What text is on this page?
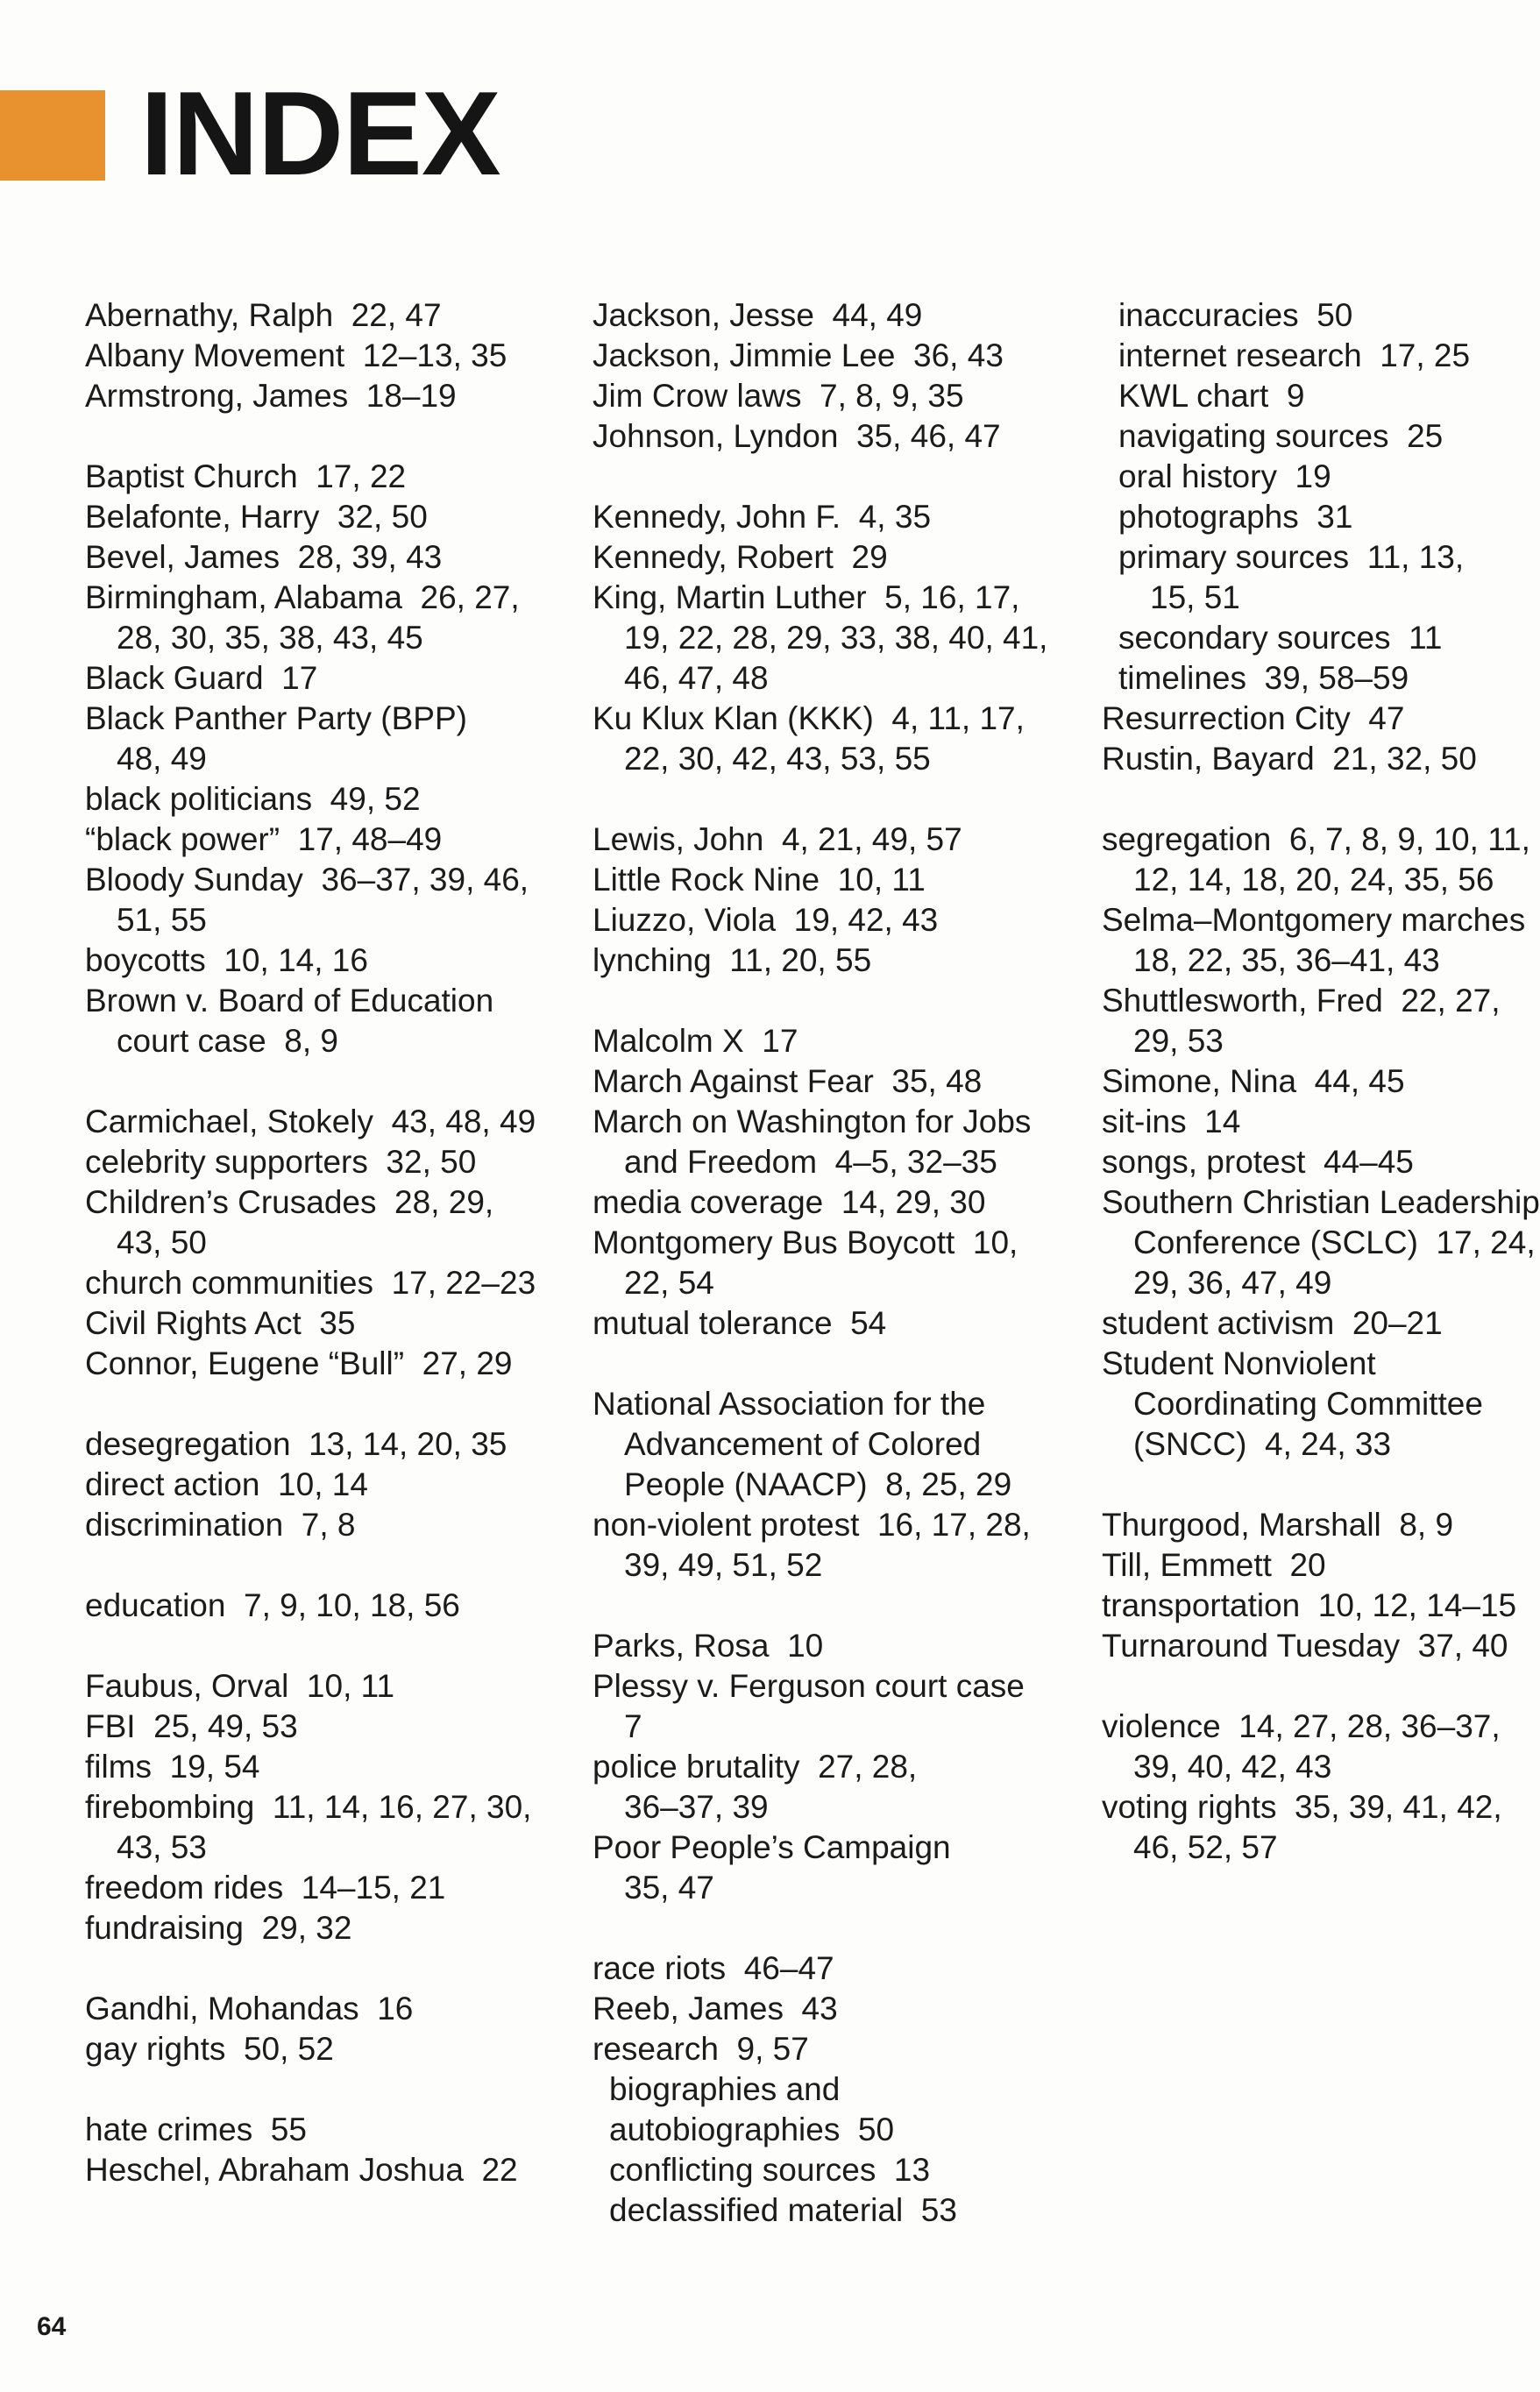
INDEX
Abernathy, Ralph  22, 47
Albany Movement  12–13, 35
Armstrong, James  18–19
Baptist Church  17, 22
Belafonte, Harry  32, 50
Bevel, James  28, 39, 43
Birmingham, Alabama  26, 27,
28, 30, 35, 38, 43, 45
Black Guard  17
Black Panther Party (BPP)
48, 49
black politicians  49, 52
“black power”  17, 48–49
Bloody Sunday  36–37, 39, 46,
51, 55
boycotts  10, 14, 16
Brown v. Board of Education
court case  8, 9
Carmichael, Stokely  43, 48, 49
celebrity supporters  32, 50
Children’s Crusades  28, 29,
43, 50
church communities  17, 22–23
Civil Rights Act  35
Connor, Eugene “Bull”  27, 29
desegregation  13, 14, 20, 35
direct action  10, 14
discrimination  7, 8
education  7, 9, 10, 18, 56
Faubus, Orval  10, 11
FBI  25, 49, 53
films  19, 54
firebombing  11, 14, 16, 27, 30,
43, 53
freedom rides  14–15, 21
fundraising  29, 32
Gandhi, Mohandas  16
gay rights  50, 52
hate crimes  55
Heschel, Abraham Joshua  22
Jackson, Jesse  44, 49
Jackson, Jimmie Lee  36, 43
Jim Crow laws  7, 8, 9, 35
Johnson, Lyndon  35, 46, 47
Kennedy, John F.  4, 35
Kennedy, Robert  29
King, Martin Luther  5, 16, 17,
19, 22, 28, 29, 33, 38, 40, 41,
46, 47, 48
Ku Klux Klan (KKK)  4, 11, 17,
22, 30, 42, 43, 53, 55
Lewis, John  4, 21, 49, 57
Little Rock Nine  10, 11
Liuzzo, Viola  19, 42, 43
lynching  11, 20, 55
Malcolm X  17
March Against Fear  35, 48
March on Washington for Jobs
and Freedom  4–5, 32–35
media coverage  14, 29, 30
Montgomery Bus Boycott  10,
22, 54
mutual tolerance  54
National Association for the
Advancement of Colored
People (NAACP)  8, 25, 29
non-violent protest  16, 17, 28,
39, 49, 51, 52
Parks, Rosa  10
Plessy v. Ferguson court case
7
police brutality  27, 28,
36–37, 39
Poor People’s Campaign
35, 47
race riots  46–47
Reeb, James  43
research  9, 57
biographies and
autobiographies  50
conflicting sources  13
declassified material  53
inaccuracies  50
internet research  17, 25
KWL chart  9
navigating sources  25
oral history  19
photographs  31
primary sources  11, 13,
15, 51
secondary sources  11
timelines  39, 58–59
Resurrection City  47
Rustin, Bayard  21, 32, 50
segregation  6, 7, 8, 9, 10, 11,
12, 14, 18, 20, 24, 35, 56
Selma–Montgomery marches
18, 22, 35, 36–41, 43
Shuttlesworth, Fred  22, 27,
29, 53
Simone, Nina  44, 45
sit-ins  14
songs, protest  44–45
Southern Christian Leadership
Conference (SCLC)  17, 24,
29, 36, 47, 49
student activism  20–21
Student Nonviolent
Coordinating Committee
(SNCC)  4, 24, 33
Thurgood, Marshall  8, 9
Till, Emmett  20
transportation  10, 12, 14–15
Turnaround Tuesday  37, 40
violence  14, 27, 28, 36–37,
39, 40, 42, 43
voting rights  35, 39, 41, 42,
46, 52, 57
64
